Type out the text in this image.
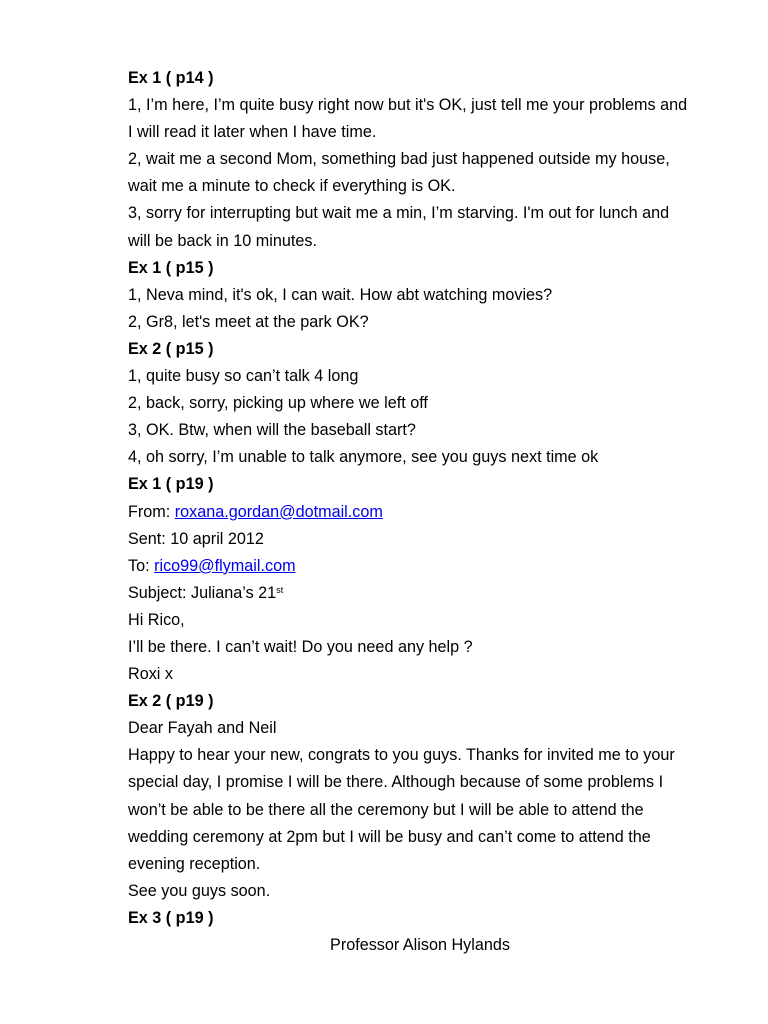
Ex 1 ( p14 )
1, I’m here, I’m quite busy right now but it's OK, just tell me your problems and
I will read it later when I have time.
2, wait me a second Mom, something bad just happened outside my house,
wait me a minute to check if everything is OK.
3, sorry for interrupting but wait me a min, I’m starving. I'm out for lunch and
will be back in 10 minutes.
Ex 1 ( p15 )
1, Neva mind, it's ok, I can wait. How abt watching movies?
2, Gr8, let's meet at the park OK?
Ex 2 ( p15 )
1, quite busy so can’t talk 4 long
2, back, sorry, picking up where we left off
3, OK. Btw, when will the baseball start?
4, oh sorry, I’m unable to talk anymore, see you guys next time ok
Ex 1 ( p19 )
From: roxana.gordan@dotmail.com
Sent: 10 april 2012
To: rico99@flymail.com
Subject: Juliana’s 21st
Hi Rico,
I’ll be there. I can’t wait! Do you need any help ?
Roxi x
Ex 2 ( p19 )
Dear Fayah and Neil
Happy to hear your new, congrats to you guys. Thanks for invited me to your
special day, I promise I will be there. Although because of some problems I
won’t be able to be there all the ceremony but I will be able to attend the
wedding ceremony at 2pm but I will be busy and can’t come to attend the
evening reception.
See you guys soon.
Ex 3 ( p19 )
Professor Alison Hylands
